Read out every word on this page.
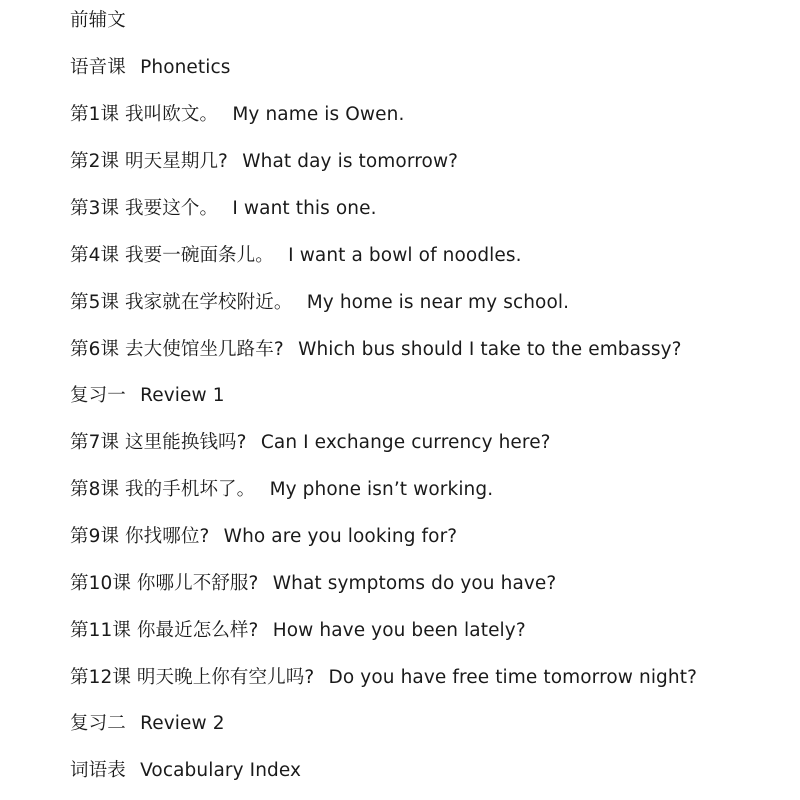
前辅文
语音课 Phonetics
第1课 我叫欧文。 My name is Owen.
第2课 明天星期几? What day is tomorrow?
第3课 我要这个。 I want this one.
第4课 我要一碗面条儿。 I want a bowl of noodles.
第5课 我家就在学校附近。 My home is near my school.
第6课 去大使馆坐几路车? Which bus should I take to the embassy?
复习一 Review 1
第7课 这里能换钱吗? Can I exchange currency here?
第8课 我的手机坏了。 My phone isn’t working.
第9课 你找哪位? Who are you looking for?
第10课 你哪儿不舒服? What symptoms do you have?
第11课 你最近怎么样? How have you been lately?
第12课 明天晚上你有空儿吗? Do you have free time tomorrow night?
复习二 Review 2
词语表 Vocabulary Index
